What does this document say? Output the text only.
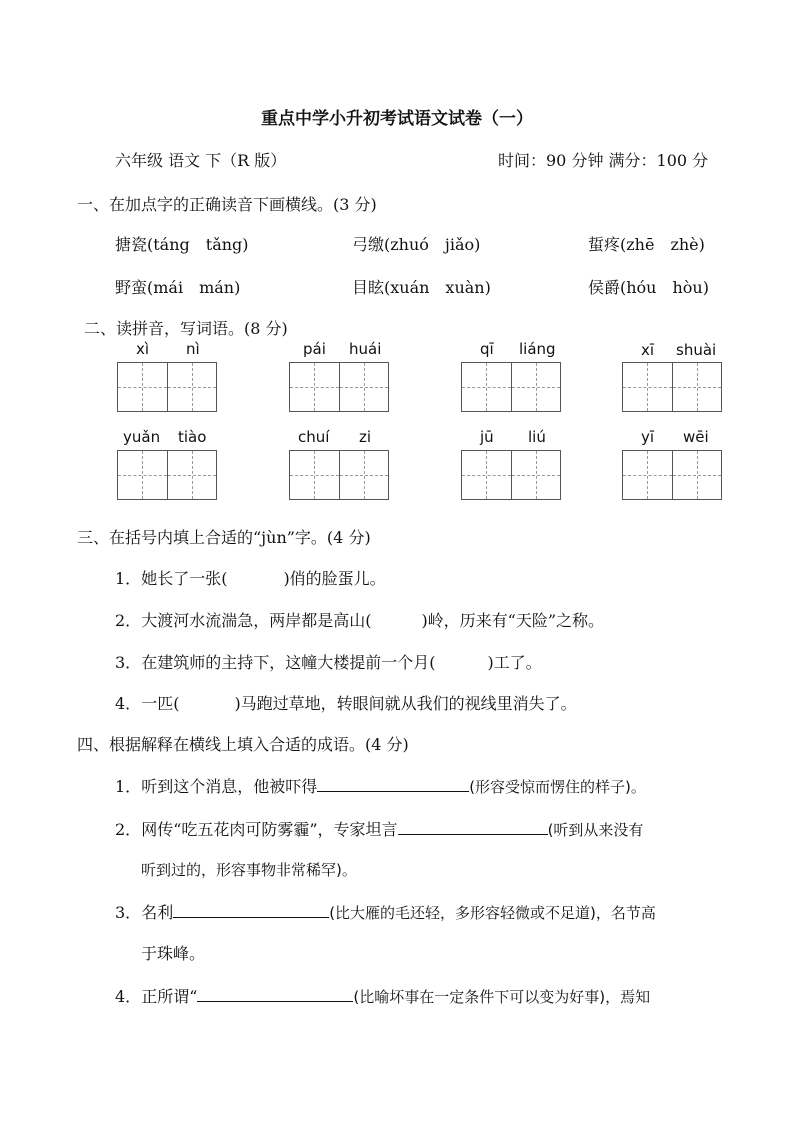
重点中学小升初考试语文试卷（一）
六年级 语文 下（R 版）	时间：90 分钟 满分：100 分
一、在加点字的正确读音下画横线。(3 分)
搪瓷(táng　tǎng)	弓缴(zhuó　jiǎo)	蜇疼(zhē　zhè)
野蛮(mái　mán)	目眩(xuán　xuàn)	侯爵(hóu　hòu)
二、读拼音，写词语。(8 分)
xì nì	pái huái	qī liáng	xī shuài
yuǎn tiào	chuí zi	jū liú	yī wēi
三、在括号内填上合适的“jùn”字。(4 分)
1．她长了一张(	)俏的脸蛋儿。
2．大渡河水流湍急，两岸都是高山(	)岭，历来有“天险”之称。
3．在建筑师的主持下，这幢大楼提前一个月(	)工了。
4．一匹(	)马跑过草地，转眼间就从我们的视线里消失了。
四、根据解释在横线上填入合适的成语。(4 分)
1．听到这个消息，他被吓得	(形容受惊而愣住的样子)。
2．网传“吃五花肉可防雾霾”，专家坦言	(听到从来没有
听到过的，形容事物非常稀罕)。
3．名利	(比大雁的毛还轻，多形容轻微或不足道)，名节高
于珠峰。
4．正所谓“	(比喻坏事在一定条件下可以变为好事)，焉知
